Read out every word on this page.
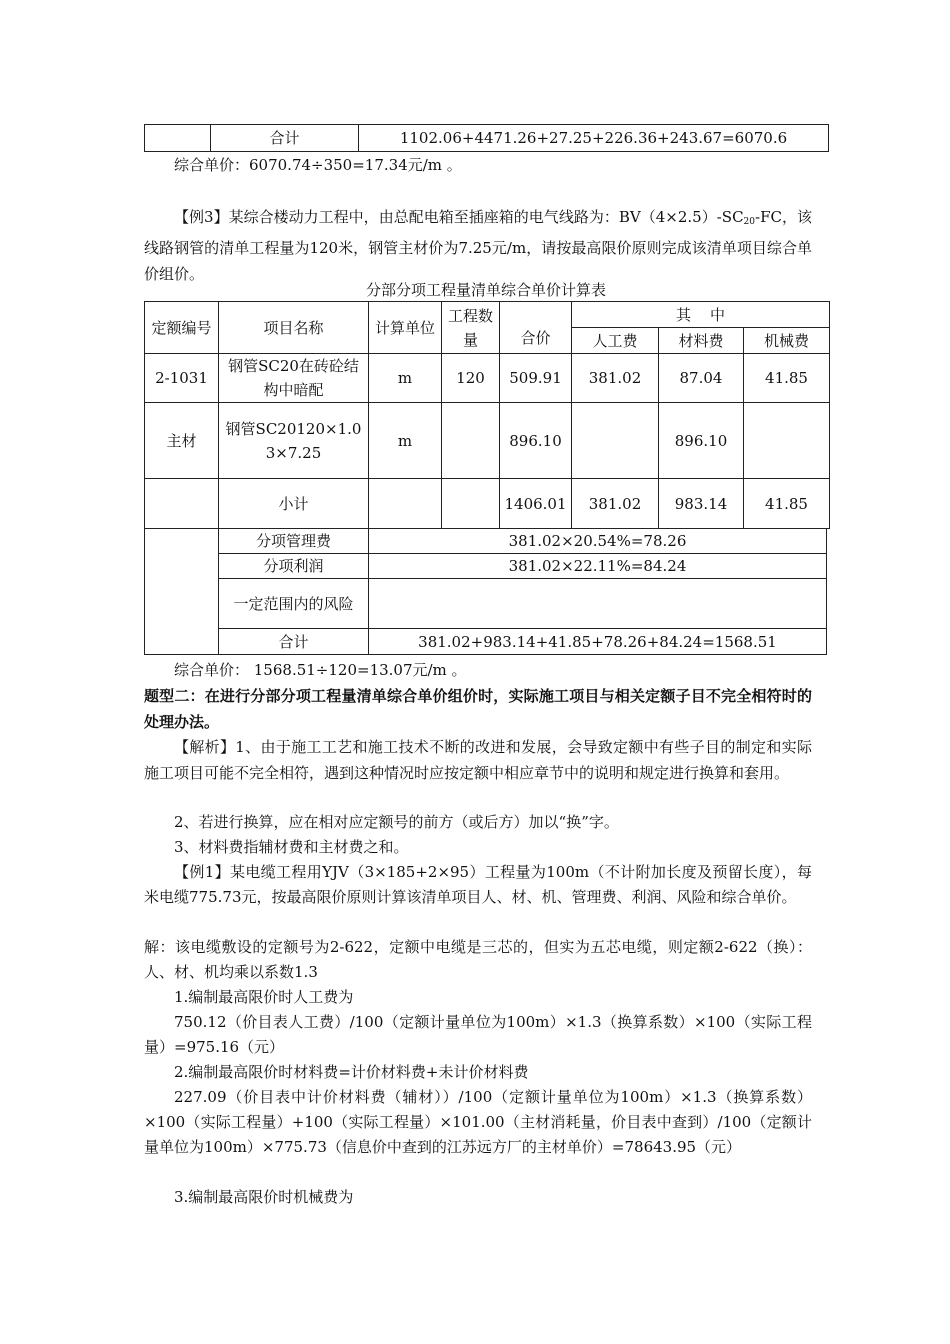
	合计	1102.06+4471.26+27.25+226.36+243.67=6070.6
综合单价：6070.74÷350=17.34元/m 。
【例3】某综合楼动力工程中，由总配电箱至插座箱的电气线路为：$BV(4\times 2.5)-SC_{20}-FC$，该线路钢管的清单工程量为120米，钢管主材价为7.25元/m，请按最高限价原则完成该清单项目综合单价组价。
分部分项工程量清单综合单价计算表
定额编号	项目名称	计算单位	工程数量	合价	其    中		
					人工费	材料费	机械费
2-1031	钢管SC20在砖砼结构中暗配	m	120	509.91	381.02	87.04	41.85
主材	钢管SC20120×1.03×7.25	m		896.10		896.10	
	小计			1406.01	381.02	983.14	41.85
	分项管理费	381.02×20.54%=78.26
	分项利润	381.02×22.11%=84.24
	一定范围内的风险	
	合计	381.02+983.14+41.85+78.26+84.24=1568.51
综合单价： 1568.51÷120=13.07元/m 。
题型二：在进行分部分项工程量清单综合单价组价时，实际施工项目与相关定额子目不完全相符时的处理办法。
【解析】1、由于施工工艺和施工技术不断的改进和发展，会导致定额中有些子目的制定和实际施工项目可能不完全相符，遇到这种情况时应按定额中相应章节中的说明和规定进行换算和套用。
2、若进行换算，应在相对应定额号的前方（或后方）加以“换”字。
3、材料费指辅材费和主材费之和。
【例1】某电缆工程用YJV（3×185+2×95）工程量为100m（不计附加长度及预留长度），每米电缆775.73元，按最高限价原则计算该清单项目人、材、机、管理费、利润、风险和综合单价。
解：该电缆敷设的定额号为2-622，定额中电缆是三芯的，但实为五芯电缆，则定额2-622（换）：人、材、机均乘以系数1.3
1.编制最高限价时人工费为
750.12（价目表人工费）/100（定额计量单位为100m）×1.3（换算系数）×100（实际工程量）=975.16（元）
2.编制最高限价时材料费=计价材料费+未计价材料费
227.09（价目表中计价材料费（辅材））/100（定额计量单位为100m）×1.3（换算系数）×100（实际工程量）+100（实际工程量）×101.00（主材消耗量，价目表中查到）/100（定额计量单位为100m）×775.73（信息价中查到的江苏远方厂的主材单价）=78643.95（元）
3.编制最高限价时机械费为
